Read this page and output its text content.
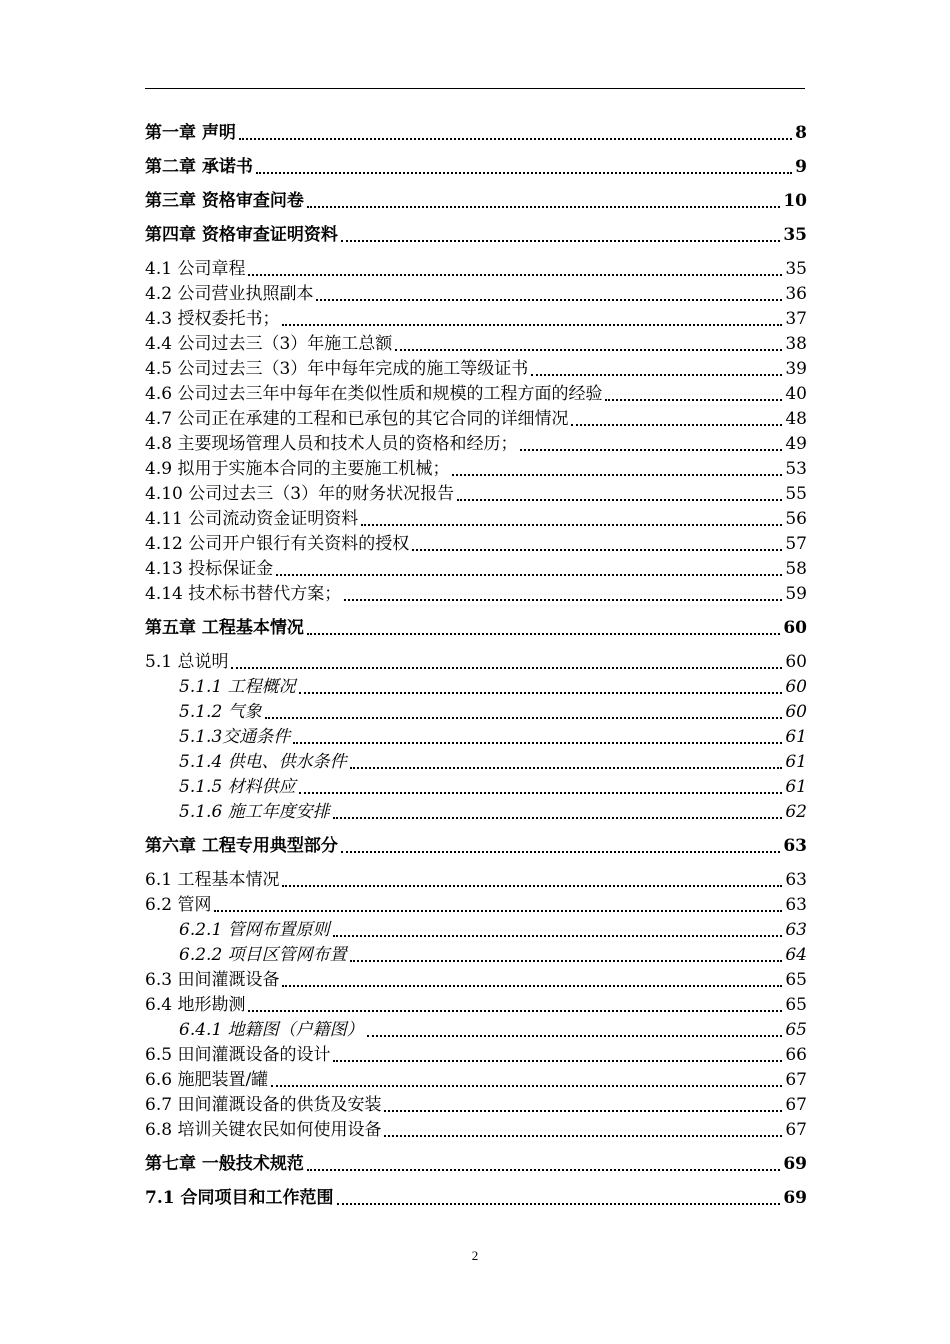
第一章 声明	8
第二章 承诺书	9
第三章 资格审查问卷	10
第四章 资格审查证明资料	35
4.1 公司章程	35
4.2 公司营业执照副本	36
4.3 授权委托书；	37
4.4 公司过去三（3）年施工总额	38
4.5 公司过去三（3）年中每年完成的施工等级证书	39
4.6 公司过去三年中每年在类似性质和规模的工程方面的经验	40
4.7 公司正在承建的工程和已承包的其它合同的详细情况	48
4.8 主要现场管理人员和技术人员的资格和经历；	49
4.9 拟用于实施本合同的主要施工机械；	53
4.10 公司过去三（3）年的财务状况报告	55
4.11 公司流动资金证明资料	56
4.12 公司开户银行有关资料的授权	57
4.13 投标保证金	58
4.14 技术标书替代方案；	59
第五章 工程基本情况	60
5.1 总说明	60
5.1.1 工程概况	60
5.1.2 气象	60
5.1.3交通条件	61
5.1.4 供电、供水条件	61
5.1.5 材料供应	61
5.1.6 施工年度安排	62
第六章 工程专用典型部分	63
6.1 工程基本情况	63
6.2 管网	63
6.2.1 管网布置原则	63
6.2.2 项目区管网布置	64
6.3 田间灌溉设备	65
6.4 地形勘测	65
6.4.1 地籍图（户籍图）	65
6.5 田间灌溉设备的设计	66
6.6 施肥装置/罐	67
6.7 田间灌溉设备的供货及安装	67
6.8 培训关键农民如何使用设备	67
第七章 一般技术规范	69
7.1 合同项目和工作范围	69
2
